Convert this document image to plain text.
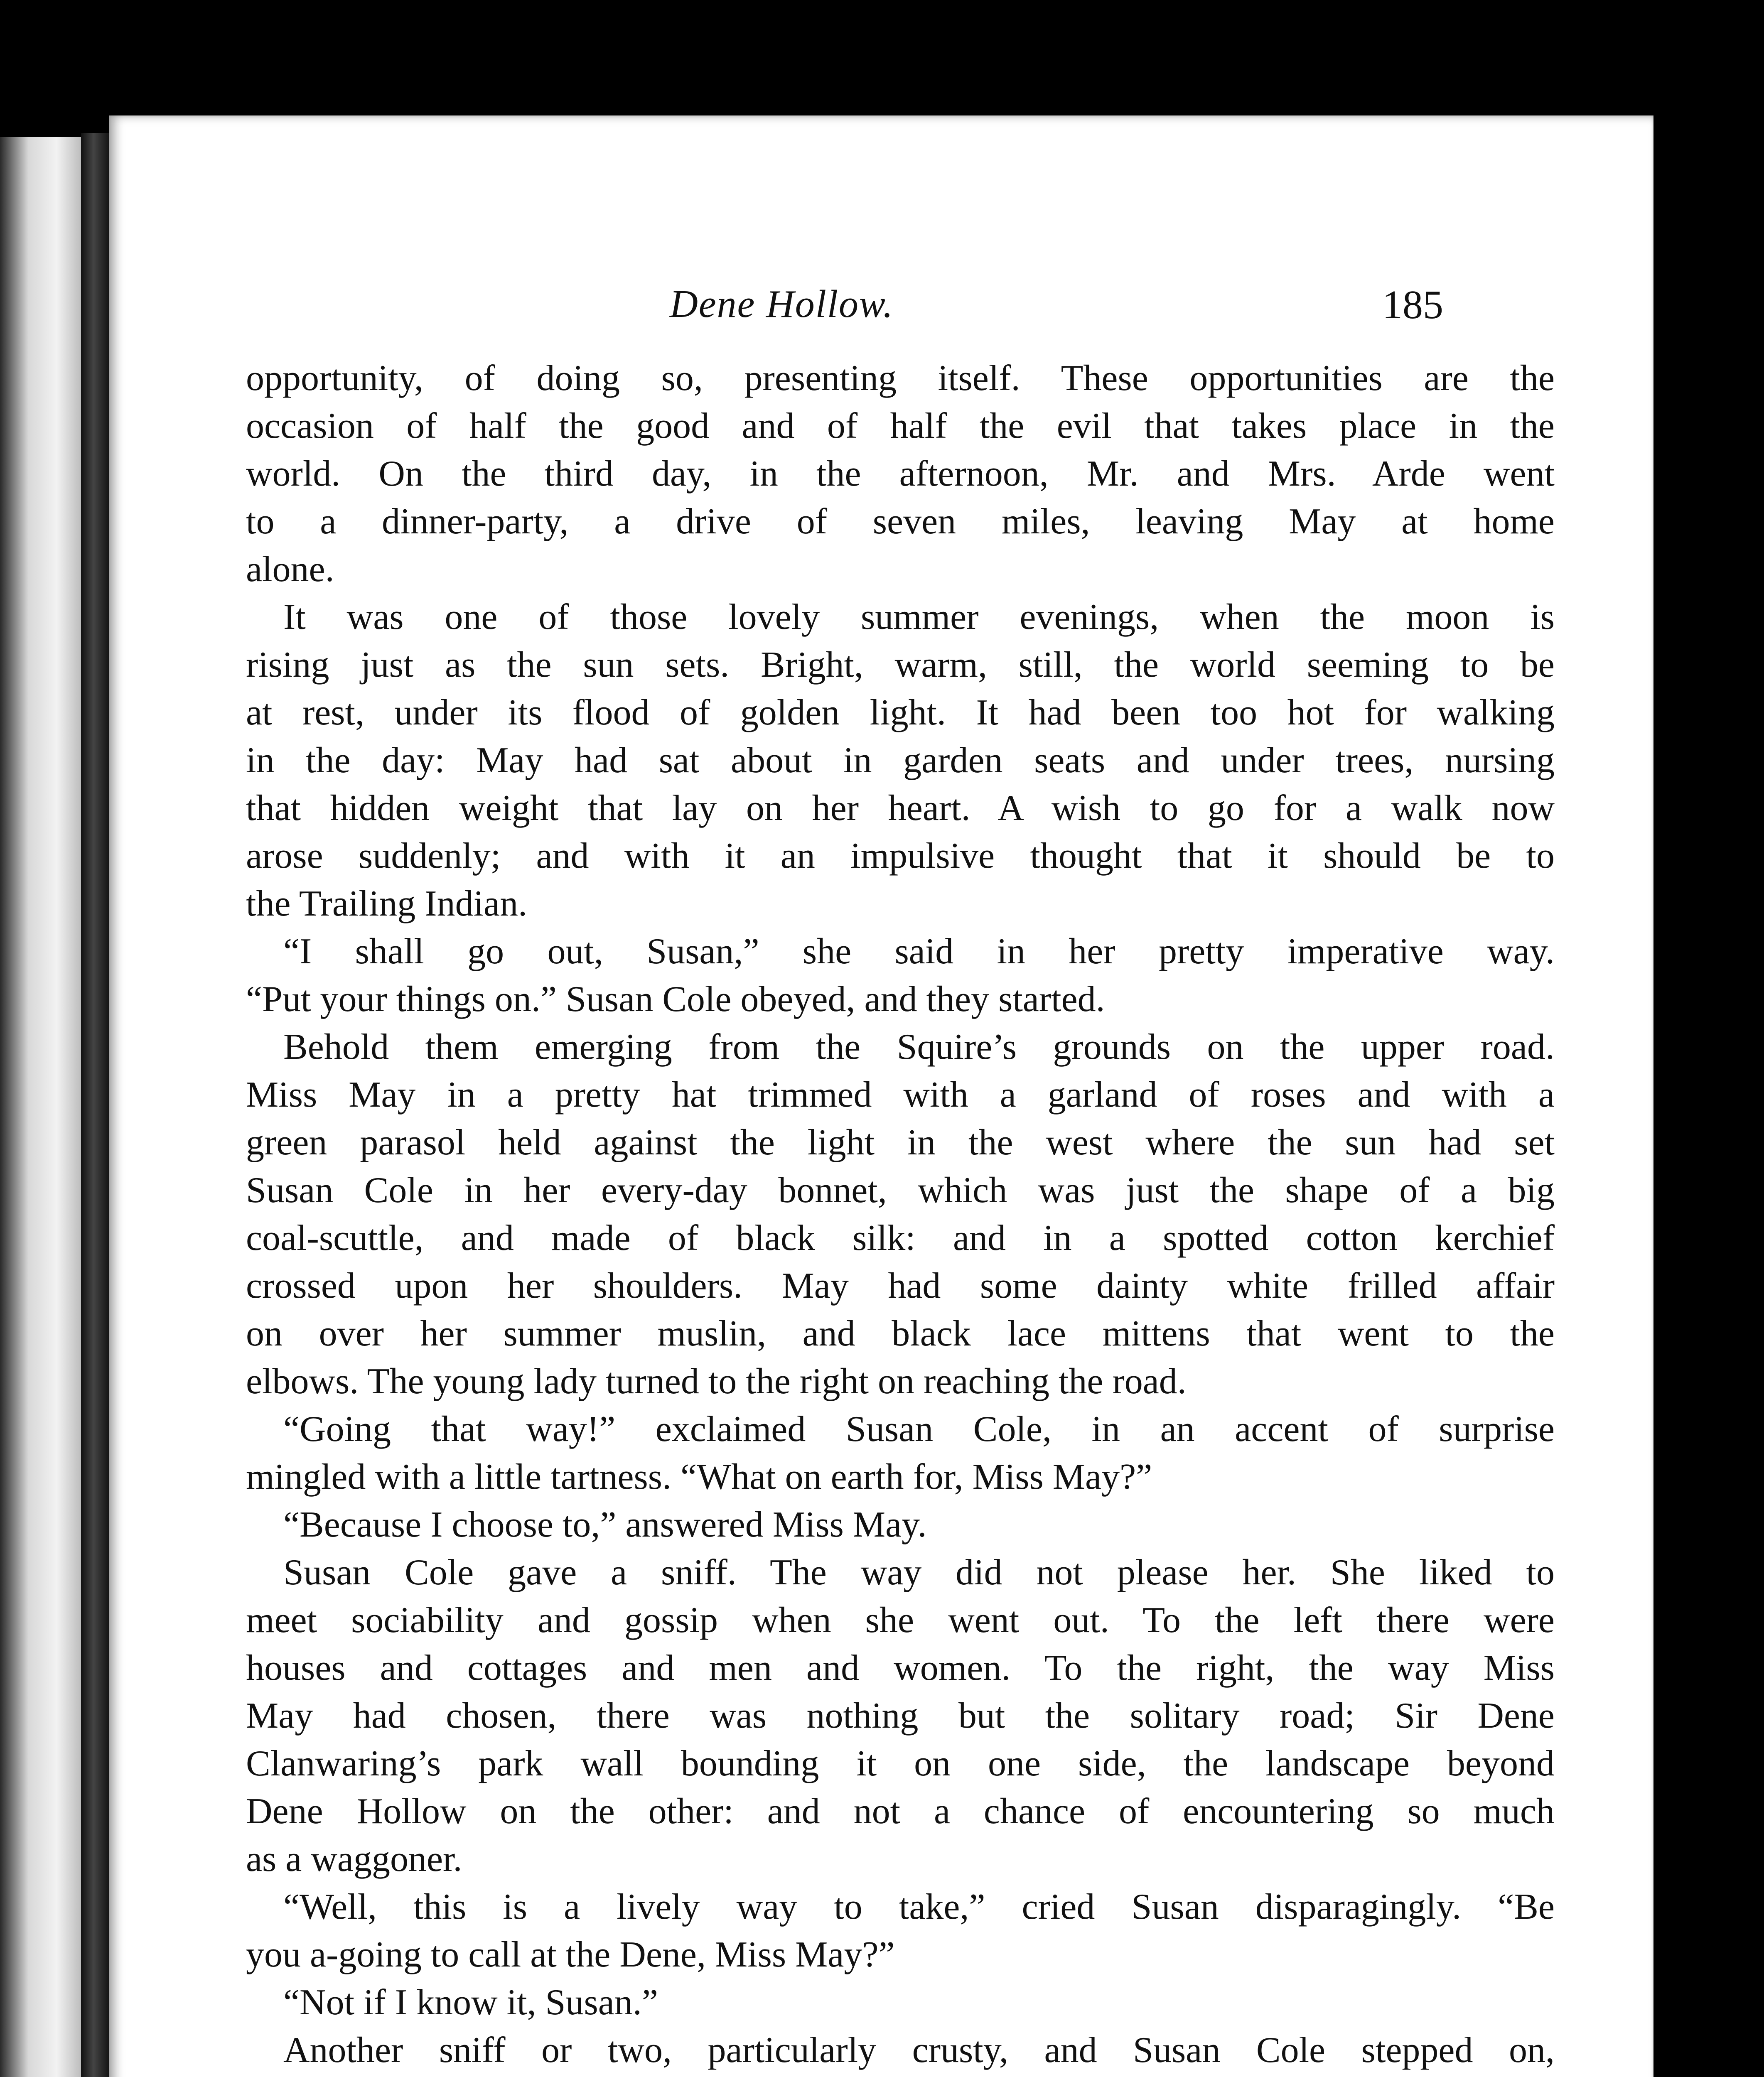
Dene Hollow.	185
opportunity, of doing so, presenting itself. These opportunities are the
occasion of half the good and of half the evil that takes place in the
world. On the third day, in the afternoon, Mr. and Mrs. Arde went
to a dinner-party, a drive of seven miles, leaving May at home
alone.
It was one of those lovely summer evenings, when the moon is
rising just as the sun sets. Bright, warm, still, the world seeming to be
at rest, under its flood of golden light. It had been too hot for walking
in the day: May had sat about in garden seats and under trees, nursing
that hidden weight that lay on her heart. A wish to go for a walk now
arose suddenly; and with it an impulsive thought that it should be to
the Trailing Indian.
“I shall go out, Susan,” she said in her pretty imperative way.
“Put your things on.” Susan Cole obeyed, and they started.
Behold them emerging from the Squire’s grounds on the upper road.
Miss May in a pretty hat trimmed with a garland of roses and with a
green parasol held against the light in the west where the sun had set
Susan Cole in her every-day bonnet, which was just the shape of a big
coal-scuttle, and made of black silk: and in a spotted cotton kerchief
crossed upon her shoulders. May had some dainty white frilled affair
on over her summer muslin, and black lace mittens that went to the
elbows. The young lady turned to the right on reaching the road.
“Going that way!” exclaimed Susan Cole, in an accent of surprise
mingled with a little tartness. “What on earth for, Miss May?”
“Because I choose to,” answered Miss May.
Susan Cole gave a sniff. The way did not please her. She liked to
meet sociability and gossip when she went out. To the left there were
houses and cottages and men and women. To the right, the way Miss
May had chosen, there was nothing but the solitary road; Sir Dene
Clanwaring’s park wall bounding it on one side, the landscape beyond
Dene Hollow on the other: and not a chance of encountering so much
as a waggoner.
“Well, this is a lively way to take,” cried Susan disparagingly. “Be
you a-going to call at the Dene, Miss May?”
“Not if I know it, Susan.”
Another sniff or two, particularly crusty, and Susan Cole stepped on,
